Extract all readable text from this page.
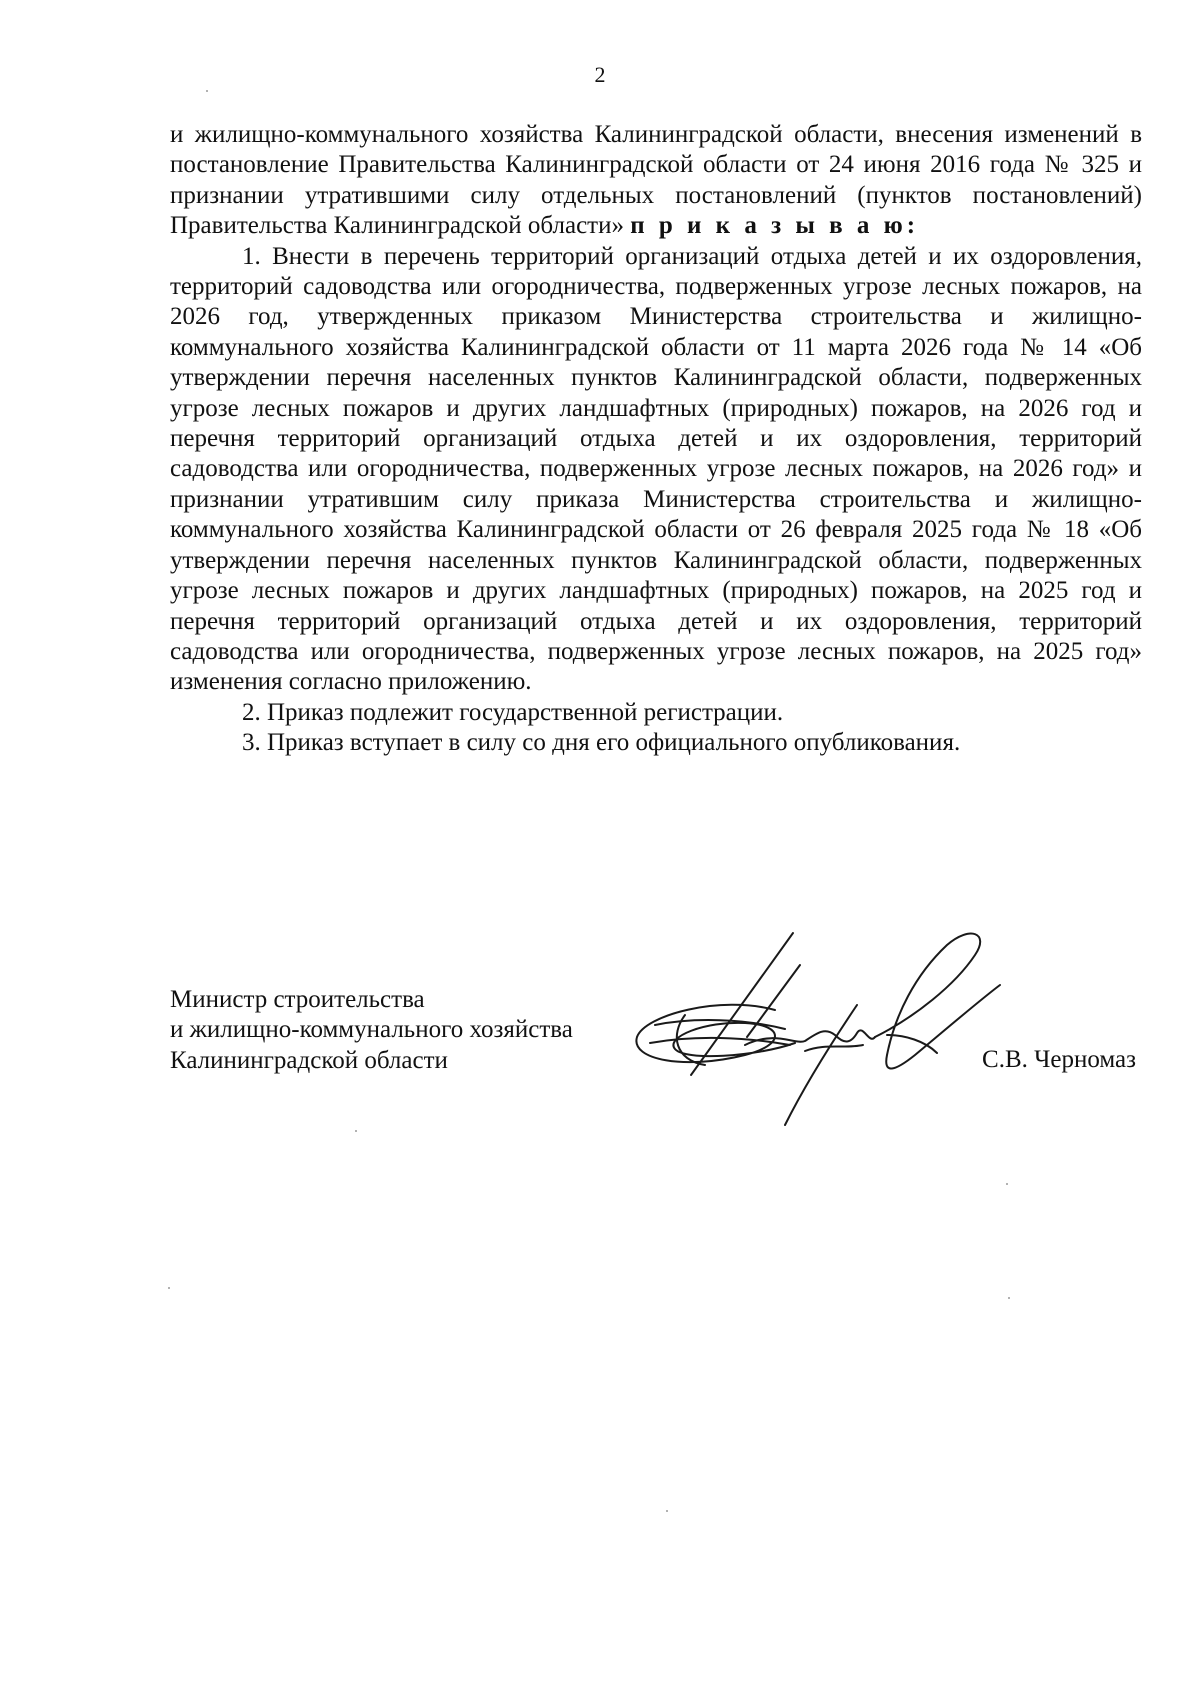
2

и жилищно-коммунального хозяйства Калининградской области, внесения изменений в постановление Правительства Калининградской области от 24 июня 2016 года № 325 и признании утратившими силу отдельных постановлений (пунктов постановлений) Правительства Калининградской области» п р и к а з ы в а ю:

1. Внести в перечень территорий организаций отдыха детей и их оздоровления, территорий садоводства или огородничества, подверженных угрозе лесных пожаров, на 2026 год, утвержденных приказом Министерства строительства и жилищно-коммунального хозяйства Калининградской области от 11 марта 2026 года № 14 «Об утверждении перечня населенных пунктов Калининградской области, подверженных угрозе лесных пожаров и других ландшафтных (природных) пожаров, на 2026 год и перечня территорий организаций отдыха детей и их оздоровления, территорий садоводства или огородничества, подверженных угрозе лесных пожаров, на 2026 год» и признании утратившим силу приказа Министерства строительства и жилищно-коммунального хозяйства Калининградской области от 26 февраля 2025 года № 18 «Об утверждении перечня населенных пунктов Калининградской области, подверженных угрозе лесных пожаров и других ландшафтных (природных) пожаров, на 2025 год и перечня территорий организаций отдыха детей и их оздоровления, территорий садоводства или огородничества, подверженных угрозе лесных пожаров, на 2025 год» изменения согласно приложению.

2. Приказ подлежит государственной регистрации.

3. Приказ вступает в силу со дня его официального опубликования.

Министр строительства
и жилищно-коммунального хозяйства
Калининградской области	С.В. Черномаз
